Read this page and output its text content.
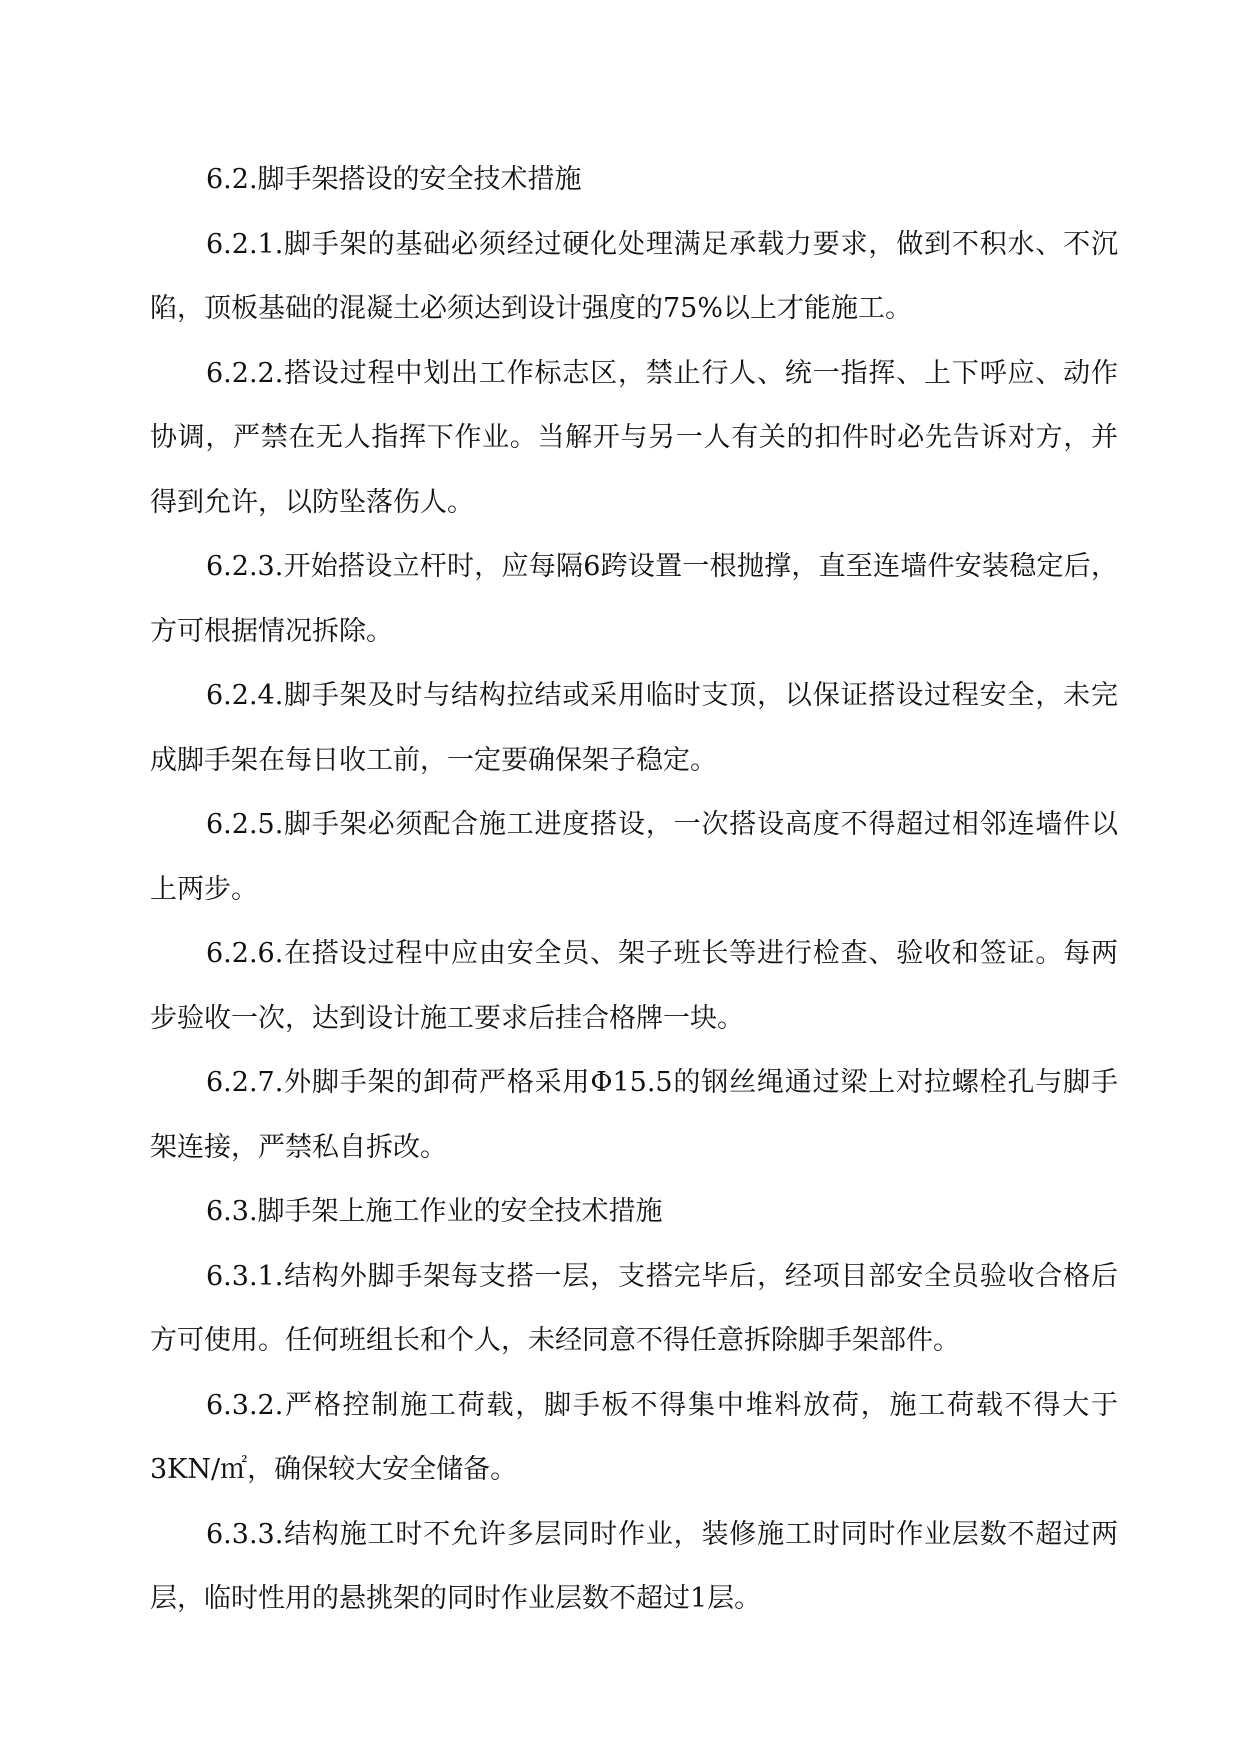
6.2.脚手架搭设的安全技术措施

6.2.1.脚手架的基础必须经过硬化处理满足承载力要求，做到不积水、不沉陷，顶板基础的混凝土必须达到设计强度的75%以上才能施工。

6.2.2.搭设过程中划出工作标志区，禁止行人、统一指挥、上下呼应、动作协调，严禁在无人指挥下作业。当解开与另一人有关的扣件时必先告诉对方，并得到允许，以防坠落伤人。

6.2.3.开始搭设立杆时，应每隔6跨设置一根抛撑，直至连墙件安装稳定后，方可根据情况拆除。

6.2.4.脚手架及时与结构拉结或采用临时支顶，以保证搭设过程安全，未完成脚手架在每日收工前，一定要确保架子稳定。

6.2.5.脚手架必须配合施工进度搭设，一次搭设高度不得超过相邻连墙件以上两步。

6.2.6.在搭设过程中应由安全员、架子班长等进行检查、验收和签证。每两步验收一次，达到设计施工要求后挂合格牌一块。

6.2.7.外脚手架的卸荷严格采用Φ15.5的钢丝绳通过梁上对拉螺栓孔与脚手架连接，严禁私自拆改。

6.3.脚手架上施工作业的安全技术措施

6.3.1.结构外脚手架每支搭一层，支搭完毕后，经项目部安全员验收合格后方可使用。任何班组长和个人，未经同意不得任意拆除脚手架部件。

6.3.2.严格控制施工荷载，脚手板不得集中堆料放荷，施工荷载不得大于3KN/㎡，确保较大安全储备。

6.3.3.结构施工时不允许多层同时作业，装修施工时同时作业层数不超过两层，临时性用的悬挑架的同时作业层数不超过1层。
